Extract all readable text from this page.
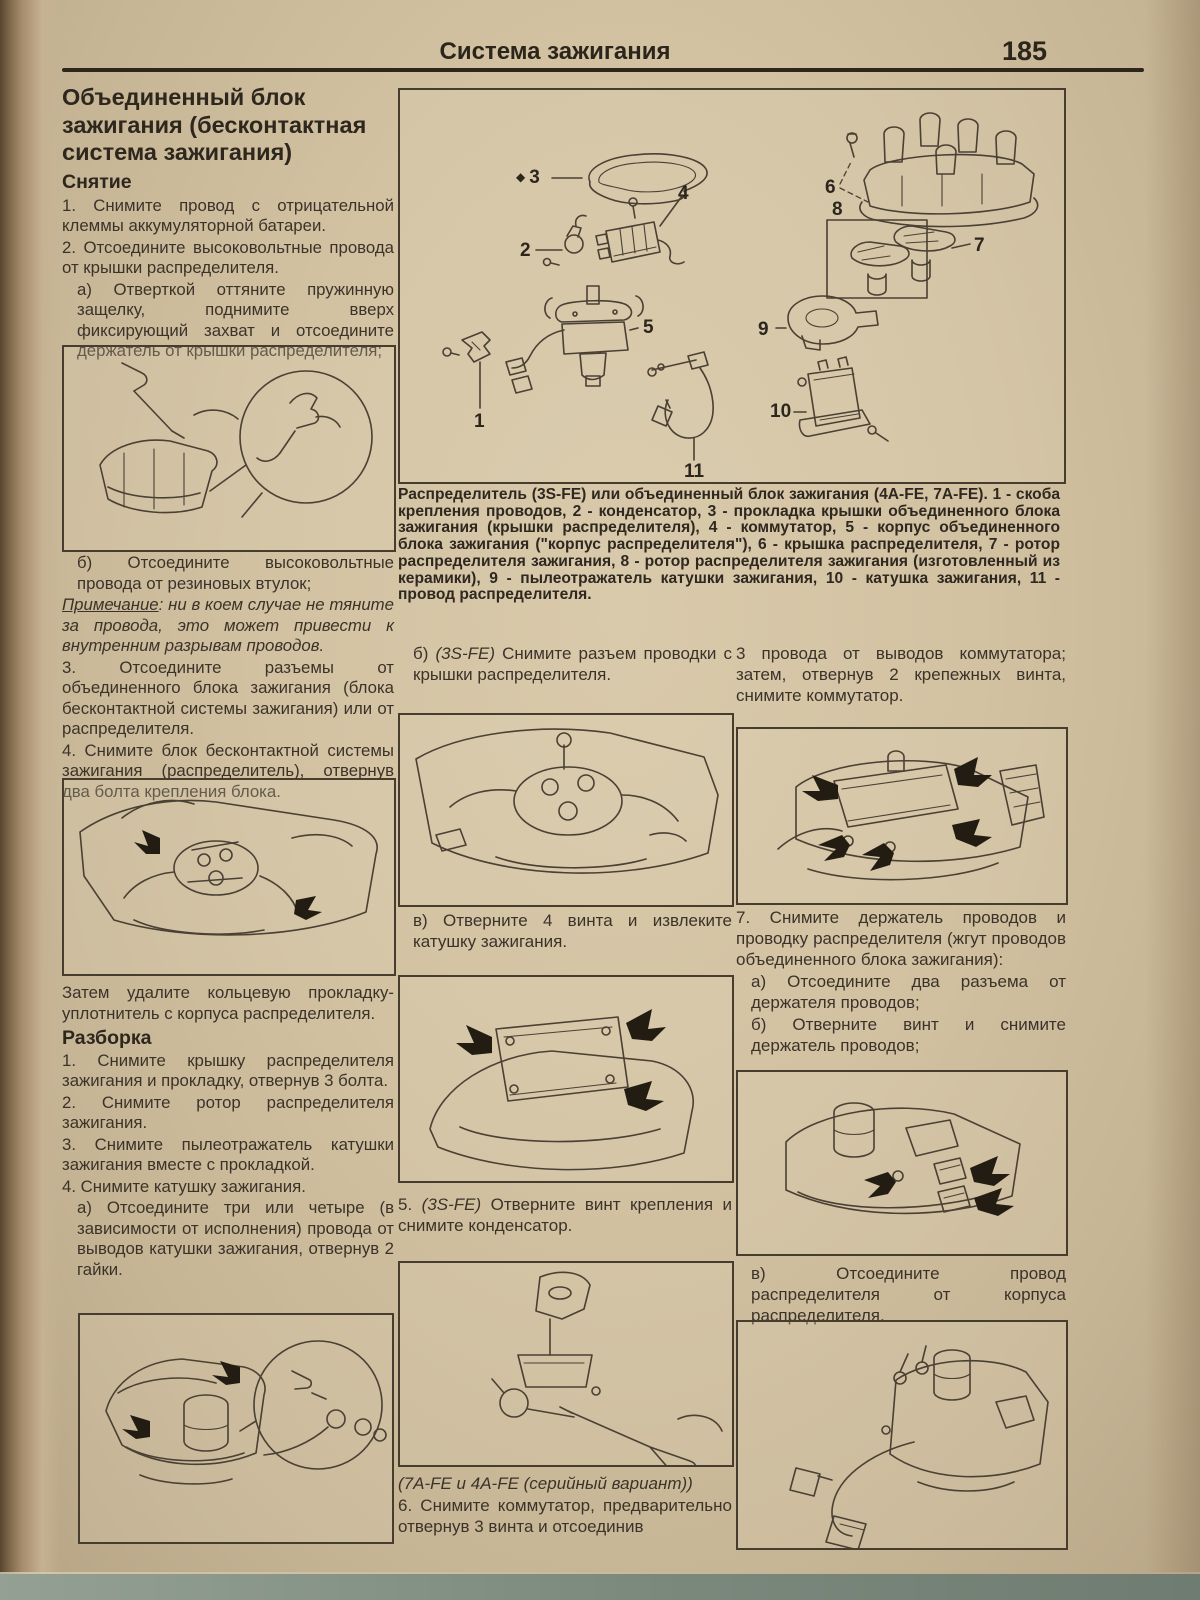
Система зажигания	185

Объединенный блок зажигания (бесконтактная система зажигания)

Снятие

1. Снимите провод с отрицательной клеммы аккумуляторной батареи.

2. Отсоедините высоковольтные провода от крышки распределителя.

а) Отверткой оттяните пружинную защелку, поднимите вверх фиксирующий захват и отсоедините держатель от крышки распределителя;

б) Отсоедините высоковольтные провода от резиновых втулок;

Примечание: ни в коем случае не тяните за провода, это может привести к внутренним разрывам проводов.

3. Отсоедините разъемы от объединенного блока зажигания (блока бесконтактной системы зажигания) или от распределителя.

4. Снимите блок бесконтактной системы зажигания (распределитель), отвернув два болта крепления блока.

Затем удалите кольцевую прокладку-уплотнитель с корпуса распределителя.

Разборка

1. Снимите крышку распределителя зажигания и прокладку, отвернув 3 болта.

2. Снимите ротор распределителя зажигания.

3. Снимите пылеотражатель катушки зажигания вместе с прокладкой.

4. Снимите катушку зажигания.

а) Отсоедините три или четыре (в зависимости от исполнения) провода от выводов катушки зажигания, отвернув 2 гайки.

◆ 3
4
2
6
8
7
9
5
1	10
11
Распределитель (3S-FE) или объединенный блок зажигания (4A-FE, 7A-FE). 1 - скоба крепления проводов, 2 - конденсатор, 3 - прокладка крышки объединенного блока зажигания (крышки распределителя), 4 - коммутатор, 5 - корпус объединенного блока зажигания ("корпус распределителя"), 6 - крышка распределителя, 7 - ротор распределителя зажигания, 8 - ротор распределителя зажигания (изготовленный из керамики), 9 - пылеотражатель катушки зажигания, 10 - катушка зажигания, 11 - провод распределителя.

б) (3S-FE) Снимите разъем проводки с крышки распределителя.

в) Отверните 4 винта и извлеките катушку зажигания.

5. (3S-FE) Отверните винт крепления и снимите конденсатор.

(7A-FE и 4A-FE (серийный вариант))

6. Снимите коммутатор, предварительно отвернув 3 винта и отсоединив

3 провода от выводов коммутатора; затем, отвернув 2 крепежных винта, снимите коммутатор.

7. Снимите держатель проводов и проводку распределителя (жгут проводов объединенного блока зажигания):

а) Отсоедините два разъема от держателя проводов;

б) Отверните винт и снимите держатель проводов;

в) Отсоедините провод распределителя от корпуса распределителя.
